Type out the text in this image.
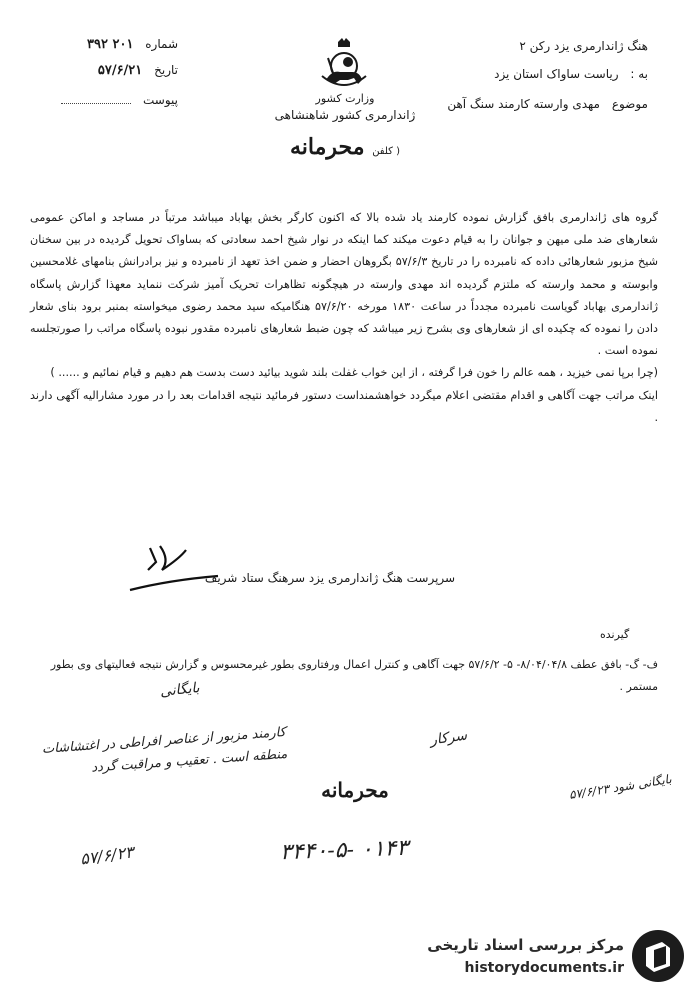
هنگ ژاندارمری یزد رکن ۲
به : ریاست ساواک استان یزد
موضوع مهدی وارسته کارمند سنگ آهن
شماره ۲۰۱ ۳۹۲
تاریخ ۵۷/۶/۲۱
پیوست	وزارت کشور
ژاندارمری کشور شاهنشاهی
( کلفن محرمانه

گروه های ژاندارمری بافق گزارش نموده کارمند یاد شده بالا که اکنون کارگر بخش بهاباد میباشد مرتباً در مساجد و اماکن عمومی شعارهای ضد ملی میهن و جوانان را به قیام دعوت میکند کما اینکه در نوار شیخ احمد سعادتی که بساواک تحویل گردیده در بین سخنان شیخ مزبور شعارهائی داده که نامبرده را در تاریخ ۵۷/۶/۳ بگروهان احضار و ضمن اخذ تعهد از نامبرده و نیز برادرانش بنامهای غلامحسین وابوسته و محمد وارسته که ملتزم گردیده اند مهدی وارسته در هیچگونه تظاهرات تحریک آمیز شرکت ننماید معهذا گزارش پاسگاه ژاندارمری بهاباد گویاست نامبرده مجدداً در ساعت ۱۸۳۰ مورخه ۵۷/۶/۲۰ هنگامیکه سید محمد رضوی میخواسته بمنبر برود بنای شعار دادن را نموده که چکیده ای از شعارهای وی بشرح زیر میباشد که چون ضبط شعارهای نامبرده مقدور نبوده پاسگاه مراتب را صورتجلسه نموده است .

(چرا برپا نمی خیزید ، همه عالم را خون فرا گرفته ، از این خواب غفلت بلند شوید بیائید دست بدست هم دهیم و قیام نمائیم و ...... )

اینک مراتب جهت آگاهی و اقدام مقتضی اعلام میگردد خواهشمنداست دستور فرمائید نتیجه اقدامات بعد را در مورد مشارالیه آگهی دارند .

سرپرست هنگ ژاندارمری یزد سرهنگ ستاد شریف
گیرنده
ف- گ- بافق عطف ۸/۰۴/۰۴/۸- ۵- ۵۷/۶/۲ جهت آگاهی و کنترل اعمال ورفتاروی بطور غیرمحسوس و گزارش نتیجه فعالیتهای وی بطور مستمر .
بایگانی
کارمند مزبور از عناصر افراطی در اغتشاشات منطقه است . تعقیب و مراقبت گردد
محرمانه
سرکار
بایگانی شود ۵۷/۶/۲۳
۳۴۴۰-۵- ۰۱۴۳
۵۷/۶/۲۳
مرکز بررسی اسناد تاریخی
historydocuments.ir
